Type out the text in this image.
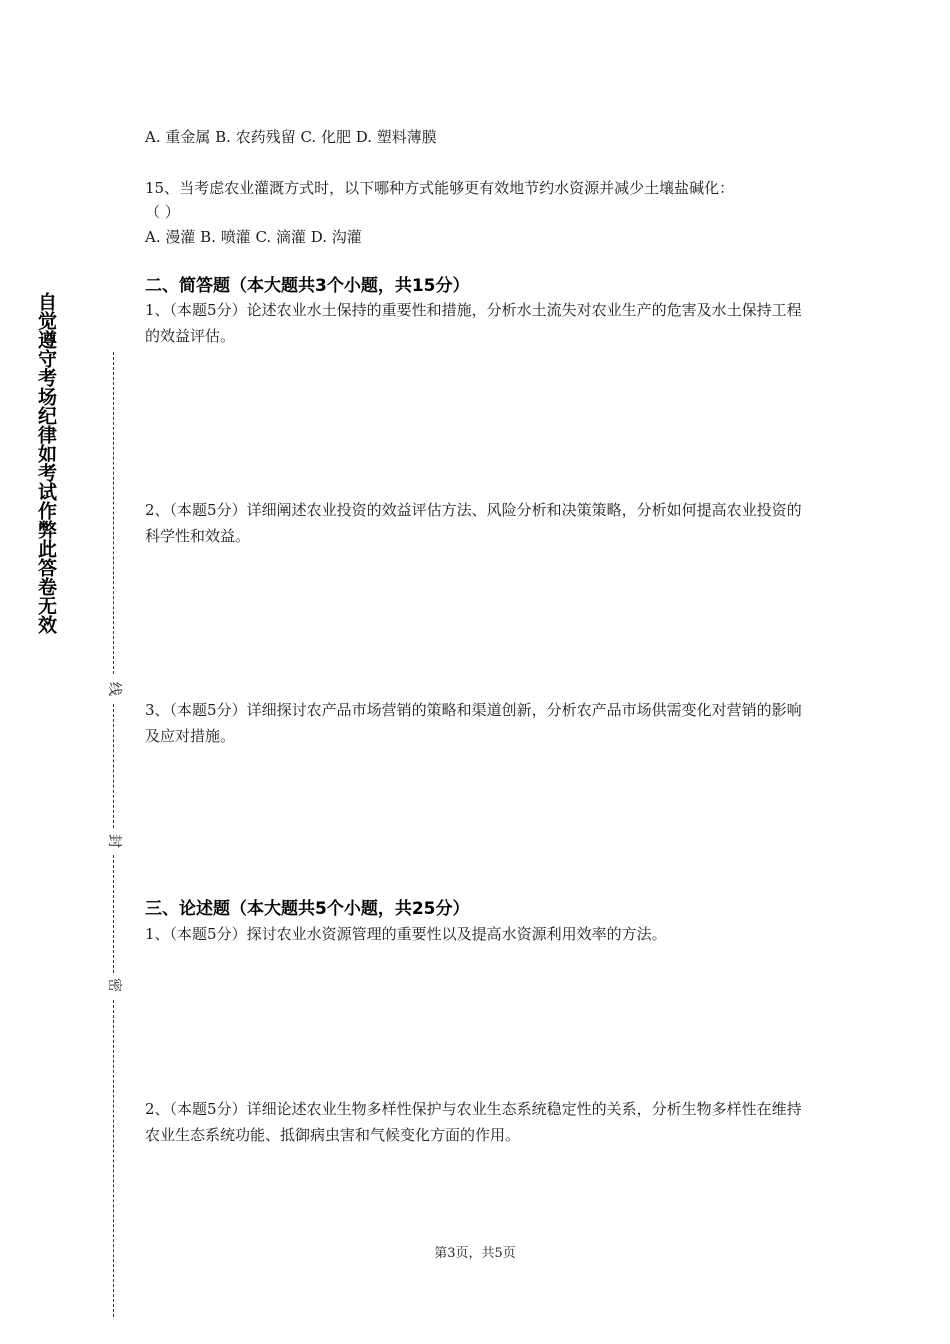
自觉遵守考场纪律如考试作弊此答卷无效
线
封
密
A. 重金属 B. 农药残留 C. 化肥 D. 塑料薄膜
15、当考虑农业灌溉方式时，以下哪种方式能够更有效地节约水资源并减少土壤盐碱化：
（ ）
A. 漫灌 B. 喷灌 C. 滴灌 D. 沟灌
二、简答题（本大题共3个小题，共15分）
1、（本题5分）论述农业水土保持的重要性和措施，分析水土流失对农业生产的危害及水土保持工程的效益评估。
2、（本题5分）详细阐述农业投资的效益评估方法、风险分析和决策策略，分析如何提高农业投资的科学性和效益。
3、（本题5分）详细探讨农产品市场营销的策略和渠道创新，分析农产品市场供需变化对营销的影响及应对措施。
三、论述题（本大题共5个小题，共25分）
1、（本题5分）探讨农业水资源管理的重要性以及提高水资源利用效率的方法。
2、（本题5分）详细论述农业生物多样性保护与农业生态系统稳定性的关系，分析生物多样性在维持农业生态系统功能、抵御病虫害和气候变化方面的作用。
第3页，共5页
